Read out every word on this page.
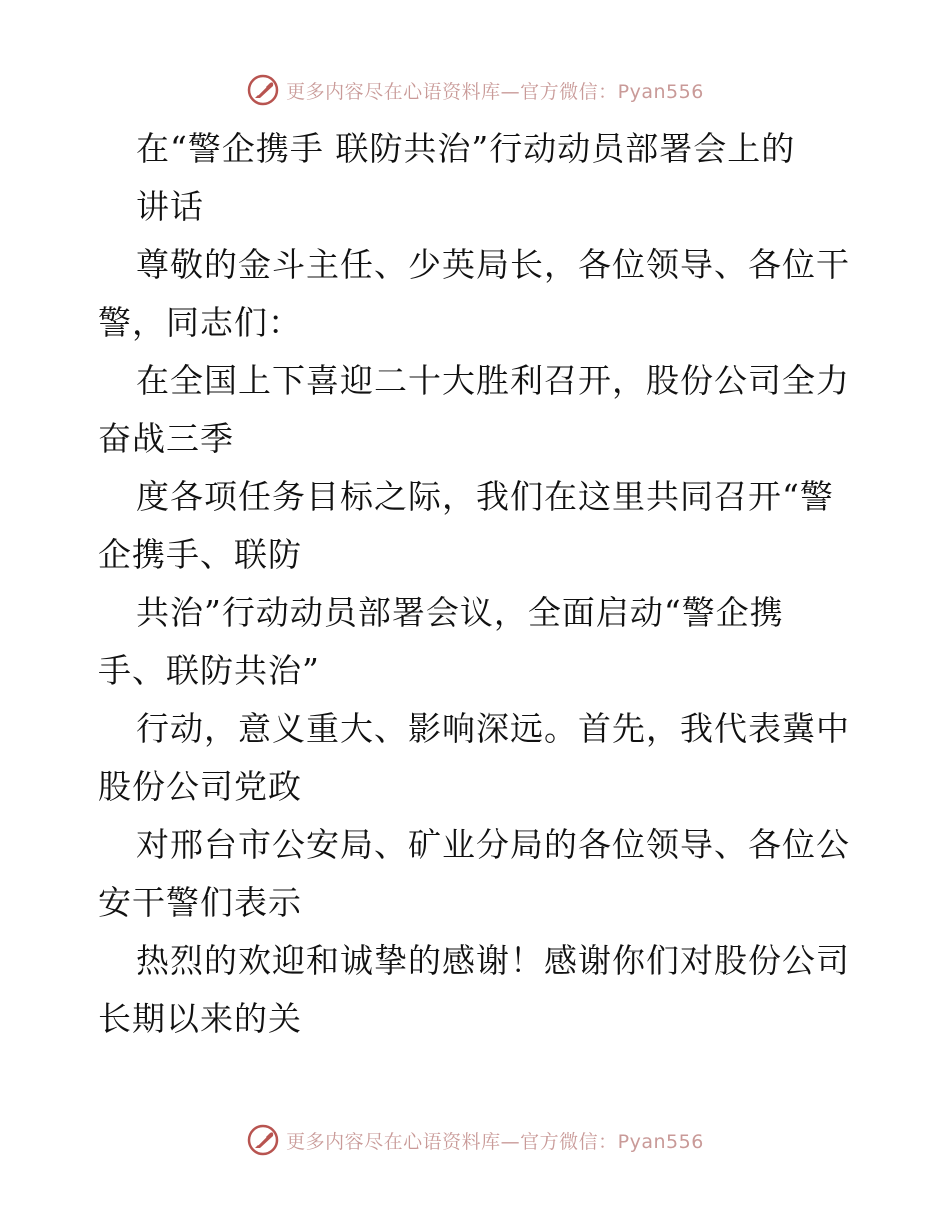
更多内容尽在心语资料库—官方微信：Pyan556
在“警企携手 联防共治”行动动员部署会上的
讲话
尊敬的金斗主任、少英局长，各位领导、各位干
警，同志们：
在全国上下喜迎二十大胜利召开，股份公司全力
奋战三季
度各项任务目标之际，我们在这里共同召开“警
企携手、联防
共治”行动动员部署会议，全面启动“警企携
手、联防共治”
行动，意义重大、影响深远。首先，我代表冀中
股份公司党政
对邢台市公安局、矿业分局的各位领导、各位公
安干警们表示
热烈的欢迎和诚挚的感谢！感谢你们对股份公司
长期以来的关
更多内容尽在心语资料库—官方微信：Pyan556
